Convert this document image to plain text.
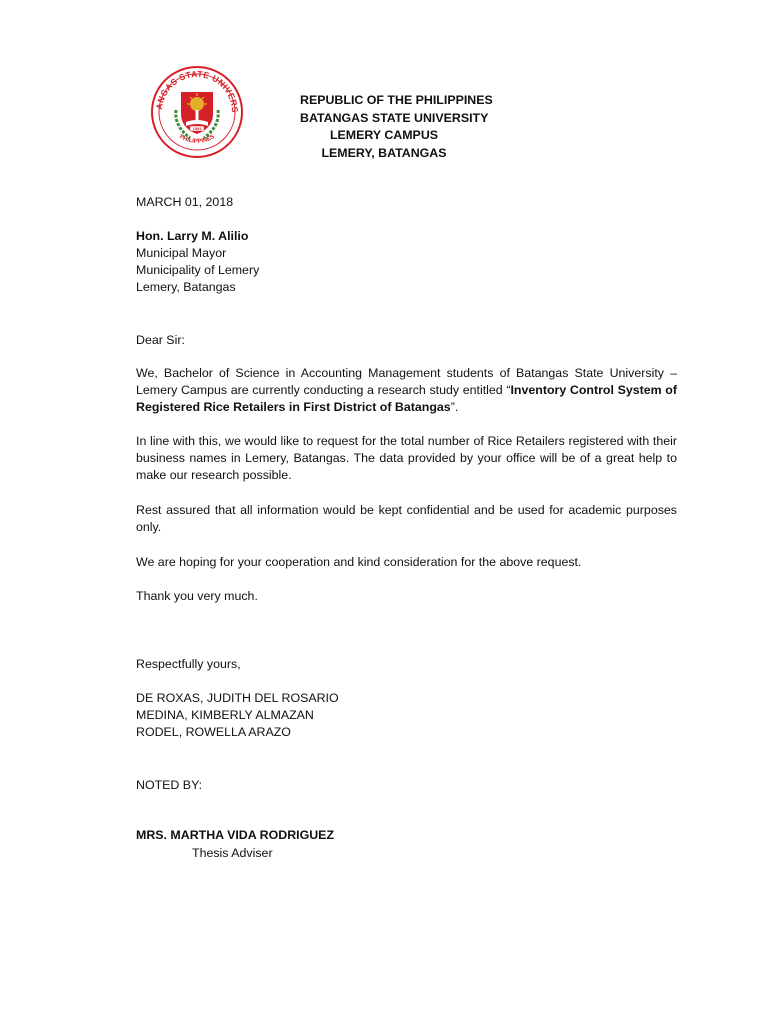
ANGAS STATE UNIVERS
PHILIPPINES
1903
REPUBLIC OF THE PHILIPPINES
BATANGAS STATE UNIVERSITY
LEMERY CAMPUS
LEMERY, BATANGAS
MARCH 01, 2018
Hon. Larry M. Alilio
Municipal Mayor
Municipality of Lemery
Lemery, Batangas
Dear Sir:
We, Bachelor of Science in Accounting Management students of Batangas State University – Lemery Campus are currently conducting a research study entitled “Inventory Control System of Registered Rice Retailers in First District of Batangas”.
In line with this, we would like to request for the total number of Rice Retailers registered with their business names in Lemery, Batangas. The data provided by your office will be of a great help to make our research possible.
Rest assured that all information would be kept confidential and be used for academic purposes only.
We are hoping for your cooperation and kind consideration for the above request.
Thank you very much.
Respectfully yours,
DE ROXAS, JUDITH DEL ROSARIO
MEDINA, KIMBERLY ALMAZAN
RODEL, ROWELLA ARAZO
NOTED BY:
MRS. MARTHA VIDA RODRIGUEZ
Thesis Adviser
